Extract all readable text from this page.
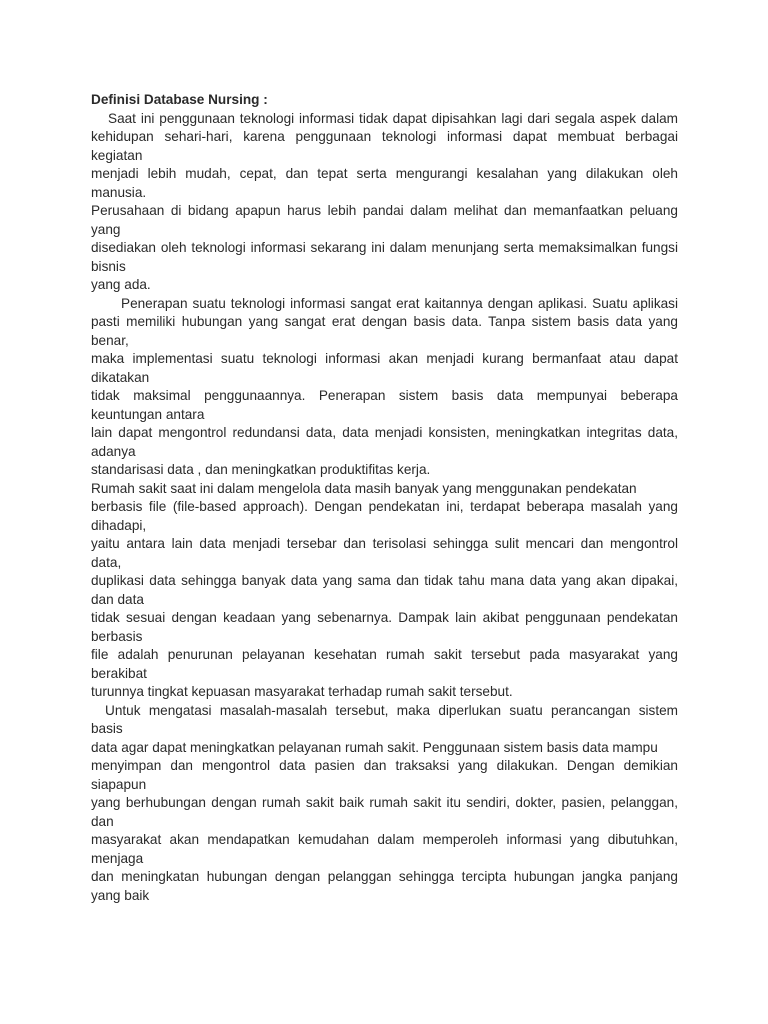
Definisi Database Nursing :
Saat ini penggunaan teknologi informasi tidak dapat dipisahkan lagi dari segala aspek dalam
kehidupan sehari-hari, karena penggunaan teknologi informasi dapat membuat berbagai
kegiatan
menjadi lebih mudah, cepat, dan tepat serta mengurangi kesalahan yang dilakukan oleh
manusia.
Perusahaan di bidang apapun harus lebih pandai dalam melihat dan memanfaatkan peluang
yang
disediakan oleh teknologi informasi sekarang ini dalam menunjang serta memaksimalkan fungsi
bisnis
yang ada.
Penerapan suatu teknologi informasi sangat erat kaitannya dengan aplikasi. Suatu aplikasi
pasti memiliki hubungan yang sangat erat dengan basis data. Tanpa sistem basis data yang
benar,
maka implementasi suatu teknologi informasi akan menjadi kurang bermanfaat atau dapat
dikatakan
tidak maksimal penggunaannya. Penerapan sistem basis data mempunyai beberapa
keuntungan antara
lain dapat mengontrol redundansi data, data menjadi konsisten, meningkatkan integritas data,
adanya
standarisasi data , dan meningkatkan produktifitas kerja.
Rumah sakit saat ini dalam mengelola data masih banyak yang menggunakan pendekatan
berbasis file (file-based approach). Dengan pendekatan ini, terdapat beberapa masalah yang
dihadapi,
yaitu antara lain data menjadi tersebar dan terisolasi sehingga sulit mencari dan mengontrol
data,
duplikasi data sehingga banyak data yang sama dan tidak tahu mana data yang akan dipakai,
dan data
tidak sesuai dengan keadaan yang sebenarnya. Dampak lain akibat penggunaan pendekatan
berbasis
file adalah penurunan pelayanan kesehatan rumah sakit tersebut pada masyarakat yang
berakibat
turunnya tingkat kepuasan masyarakat terhadap rumah sakit tersebut.
Untuk mengatasi masalah-masalah tersebut, maka diperlukan suatu perancangan sistem
basis
data agar dapat meningkatkan pelayanan rumah sakit. Penggunaan sistem basis data mampu
menyimpan dan mengontrol data pasien dan traksaksi yang dilakukan. Dengan demikian
siapapun
yang berhubungan dengan rumah sakit baik rumah sakit itu sendiri, dokter, pasien, pelanggan,
dan
masyarakat akan mendapatkan kemudahan dalam memperoleh informasi yang dibutuhkan,
menjaga
dan meningkatan hubungan dengan pelanggan sehingga tercipta hubungan jangka panjang
yang baik
